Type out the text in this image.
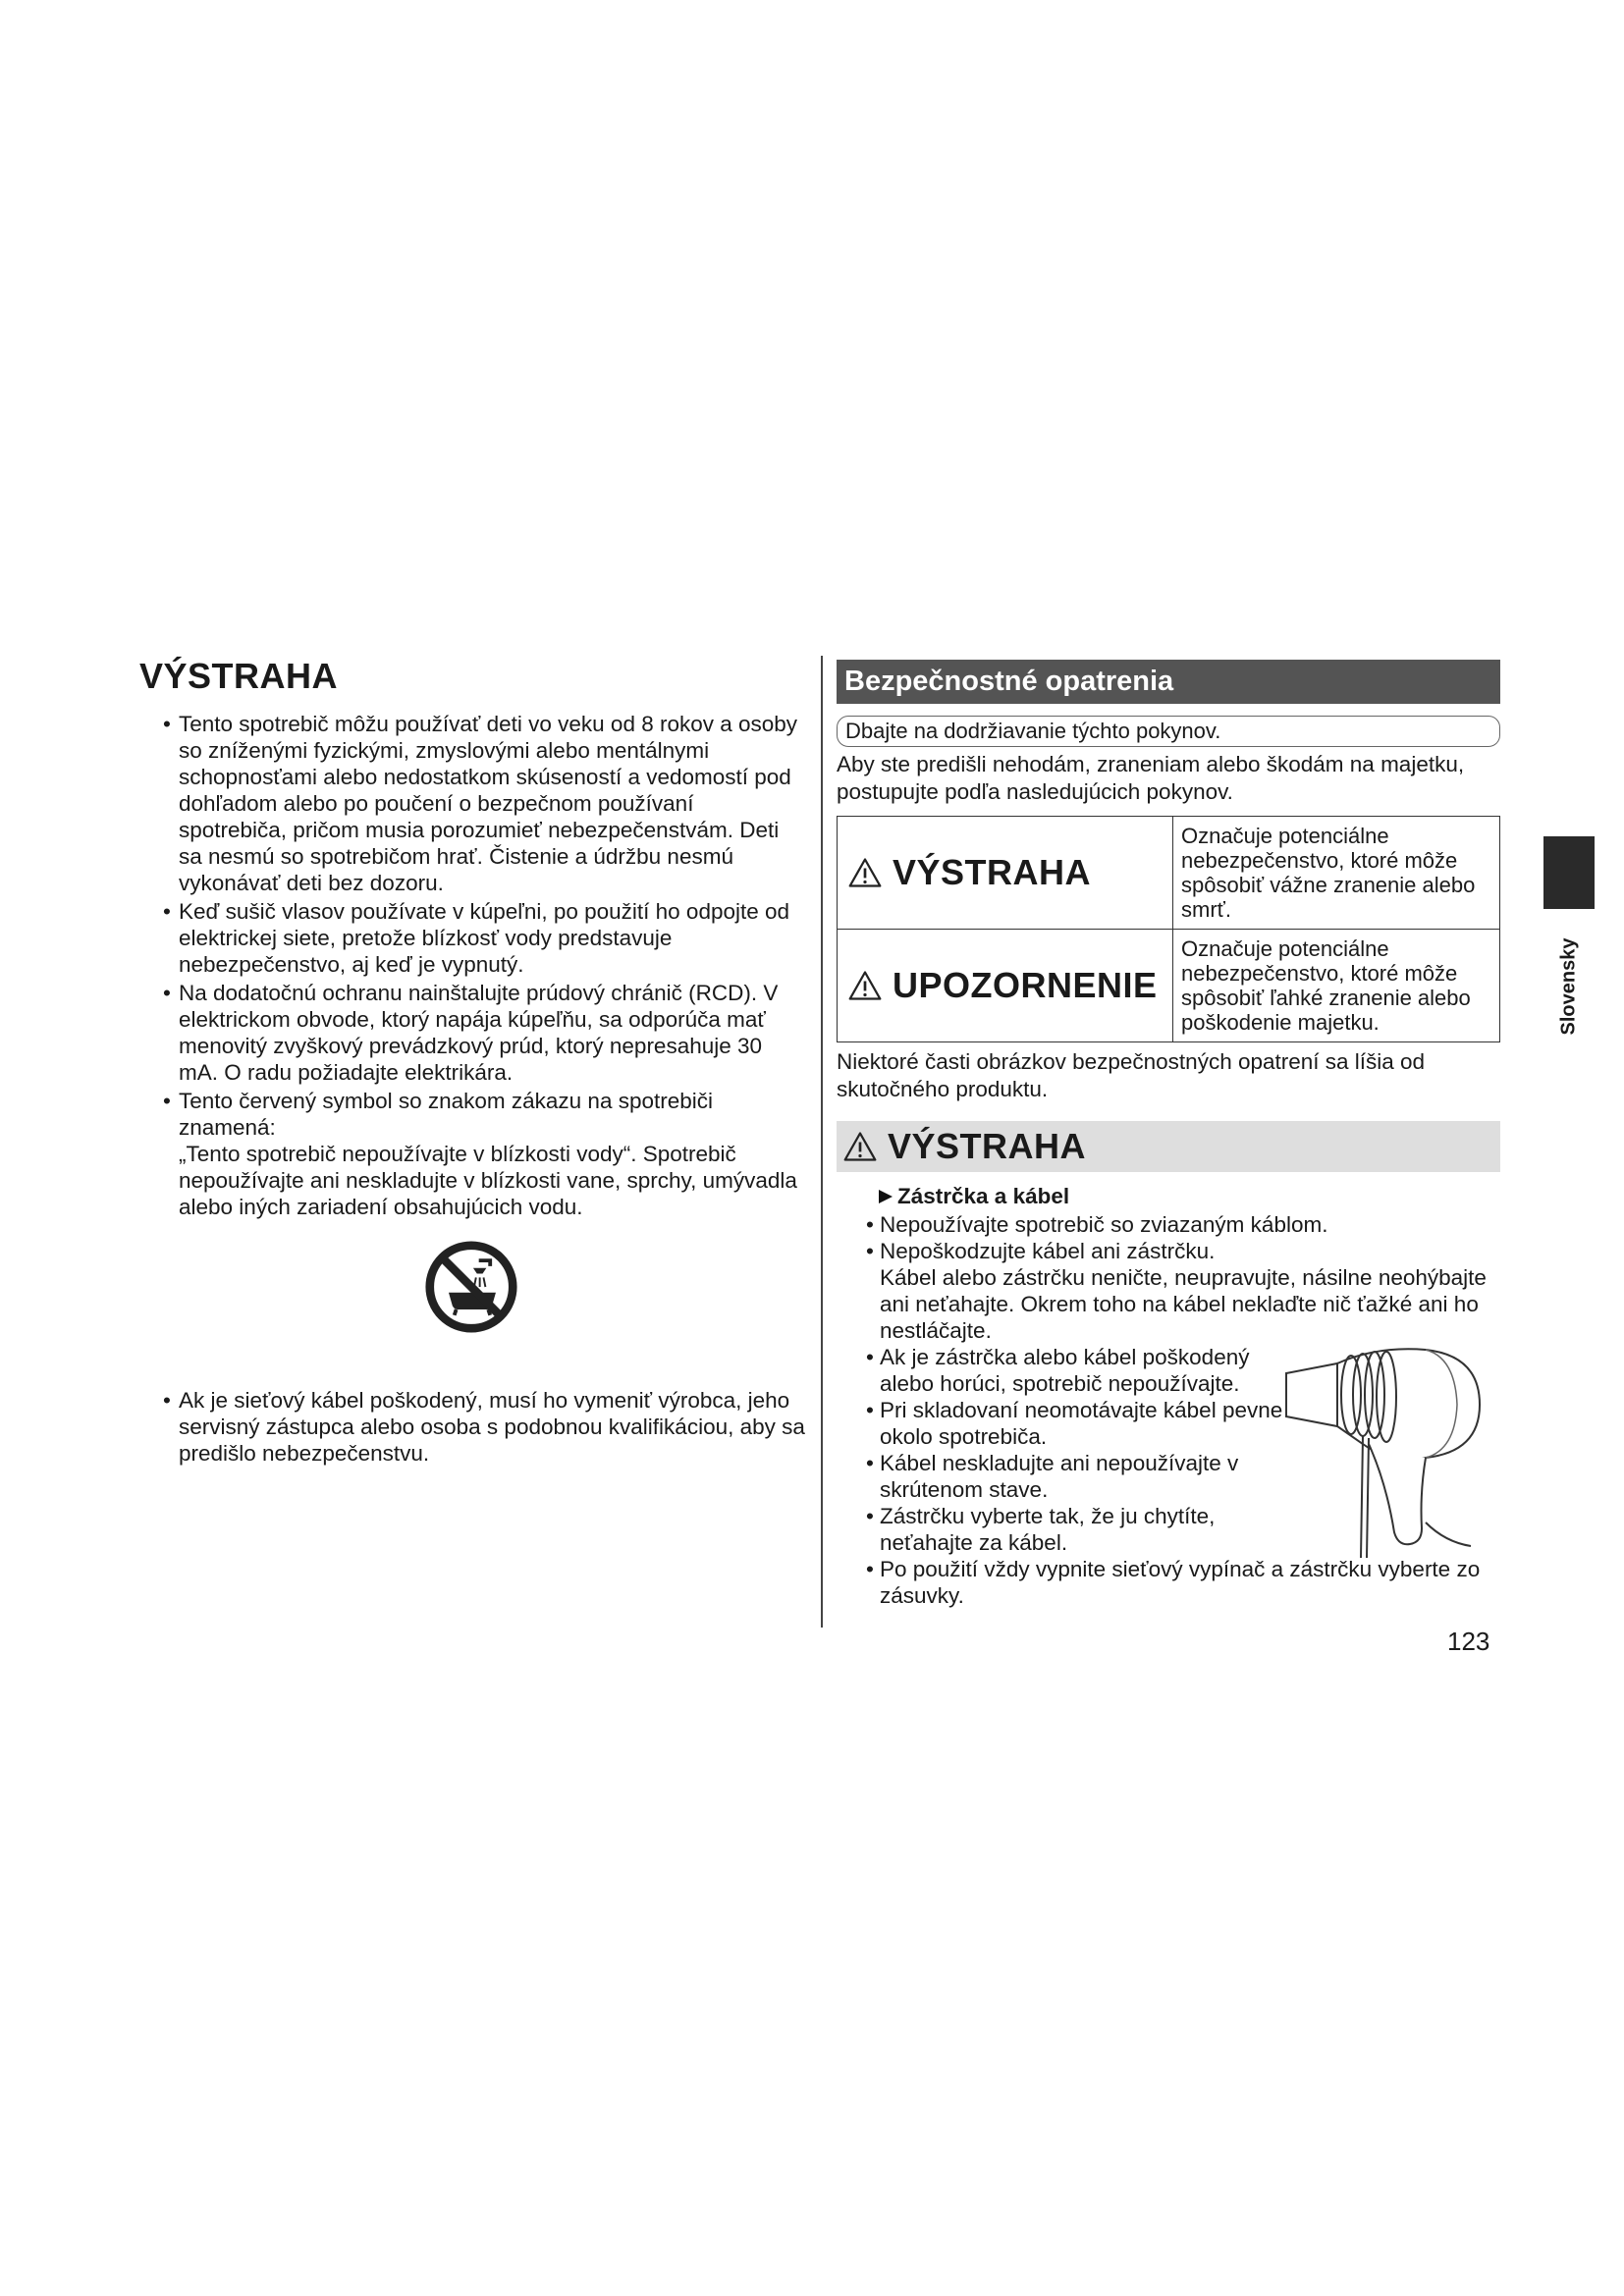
VÝSTRAHA
• Tento spotrebič môžu používať deti vo veku od 8 rokov a osoby so zníženými fyzickými, zmyslovými alebo mentálnymi schopnosťami alebo nedostatkom skúseností a vedomostí pod dohľadom alebo po poučení o bezpečnom používaní spotrebiča, pričom musia porozumieť nebezpečenstvám. Deti sa nesmú so spotrebičom hrať. Čistenie a údržbu nesmú vykonávať deti bez dozoru.
• Keď sušič vlasov používate v kúpeľni, po použití ho odpojte od elektrickej siete, pretože blízkosť vody predstavuje nebezpečenstvo, aj keď je vypnutý.
• Na dodatočnú ochranu nainštalujte prúdový chránič (RCD). V elektrickom obvode, ktorý napája kúpeľňu, sa odporúča mať menovitý zvyškový prevádzkový prúd, ktorý nepresahuje 30 mA. O radu požiadajte elektrikára.
• Tento červený symbol so znakom zákazu na spotrebiči znamená:
„Tento spotrebič nepoužívajte v blízkosti vody“. Spotrebič nepoužívajte ani neskladujte v blízkosti vane, sprchy, umývadla alebo iných zariadení obsahujúcich vodu.
• Ak je sieťový kábel poškodený, musí ho vymeniť výrobca, jeho servisný zástupca alebo osoba s podobnou kvalifikáciou, aby sa predišlo nebezpečenstvu.
Bezpečnostné opatrenia
Dbajte na dodržiavanie týchto pokynov.
Aby ste predišli nehodám, zraneniam alebo škodám na majetku, postupujte podľa nasledujúcich pokynov.
VÝSTRAHA	Označuje potenciálne nebezpečenstvo, ktoré môže spôsobiť vážne zranenie alebo smrť.

UPOZORNENIE	Označuje potenciálne nebezpečenstvo, ktoré môže spôsobiť ľahké zranenie alebo poškodenie majetku.
Niektoré časti obrázkov bezpečnostných opatrení sa líšia od skutočného produktu.
VÝSTRAHA
Zástrčka a kábel
• Nepoužívajte spotrebič so zviazaným káblom.
• Nepoškodzujte kábel ani zástrčku.
Kábel alebo zástrčku neničte, neupravujte, násilne neohýbajte ani neťahajte. Okrem toho na kábel neklaďte nič ťažké ani ho nestláčajte.
• Ak je zástrčka alebo kábel poškodený alebo horúci, spotrebič nepoužívajte.
• Pri skladovaní neomotávajte kábel pevne okolo spotrebiča.
• Kábel neskladujte ani nepoužívajte v skrútenom stave.
• Zástrčku vyberte tak, že ju chytíte, neťahajte za kábel.
• Po použití vždy vypnite sieťový vypínač a zástrčku vyberte zo zásuvky.
123
Slovensky
